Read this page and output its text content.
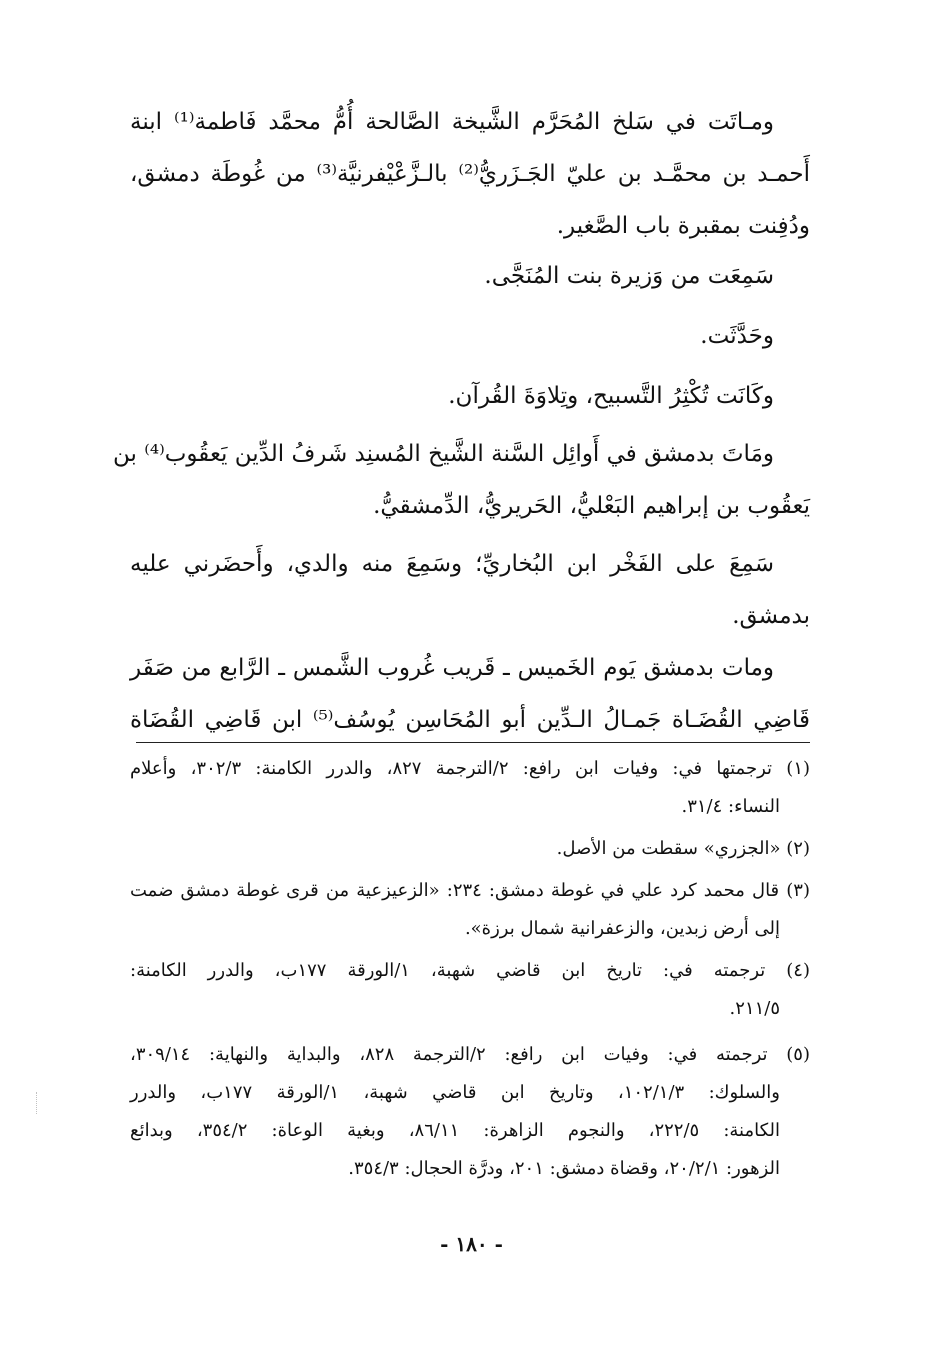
ومـاتَت في سَلخ المُحَرَّم الشَّيخة الصَّالحة أُمُّ محمَّد فَاطمة⁽¹⁾ ابنة
أَحمـد بن محمَّـد بن عليّ الجَـزَريُّ⁽²⁾ بالـزَّعْيْفرنيَّة⁽³⁾ من غُوطَة دمشق،
ودُفِنت بمقبرة باب الصَّغير.
سَمِعَت من وَزيرة بنت المُنَجَّى.
وحَدَّثَت.
وكَانَت تُكْثِرُ التَّسبيح، وتِلاوَةَ القُرآن.
ومَاتَ بدمشق في أَوائِل السَّنة الشَّيخ المُسنِد شَرفُ الدِّين يَعقُوب⁽⁴⁾ بن
يَعقُوب بن إبراهيم البَعْليُّ، الحَريريُّ، الدِّمشقيُّ.
سَمِعَ على الفَخْر ابن البُخاريِّ؛ وسَمِعَ منه والدي، وأَحضَرني عليه
بدمشق.
ومات بدمشق يَوم الخَميس ـ قَريب غُروب الشَّمس ـ الرَّابع من صَفَر
قَاضِي القُضَـاة جَمـالُ الـدِّين أبو المُحَاسِن يُوسُف⁽⁵⁾ ابن قَاضِي القُضَاة
(١) ترجمتها في: وفيات ابن رافع: ٢/الترجمة ٨٢٧، والدرر الكامنة: ٣٠٢/٣، وأعلام
النساء: ٣١/٤.
(٢) «الجزري» سقطت من الأصل.
(٣) قال محمد كرد علي في غوطة دمشق: ٢٣٤: «الزعيزعية من قرى غوطة دمشق ضمت
إلى أرض زبدين، والزعفرانية شمال برزة».
(٤) ترجمته في: تاريخ ابن قاضي شهبة، ١/الورقة ١٧٧ب، والدرر الكامنة:
٢١١/٥.
(٥) ترجمته في: وفيات ابن رافع: ٢/الترجمة ٨٢٨، والبداية والنهاية: ٣٠٩/١٤،
والسلوك: ١٠٢/١/٣، وتاريخ ابن قاضي شهبة، ١/الورقة ١٧٧ب، والدرر
الكامنة: ٢٢٢/٥، والنجوم الزاهرة: ٨٦/١١، وبغية الوعاة: ٣٥٤/٢، وبدائع
الزهور: ٢٠/٢/١، وقضاة دمشق: ٢٠١، ودرَّة الحجال: ٣٥٤/٣.
- ١٨٠ -
